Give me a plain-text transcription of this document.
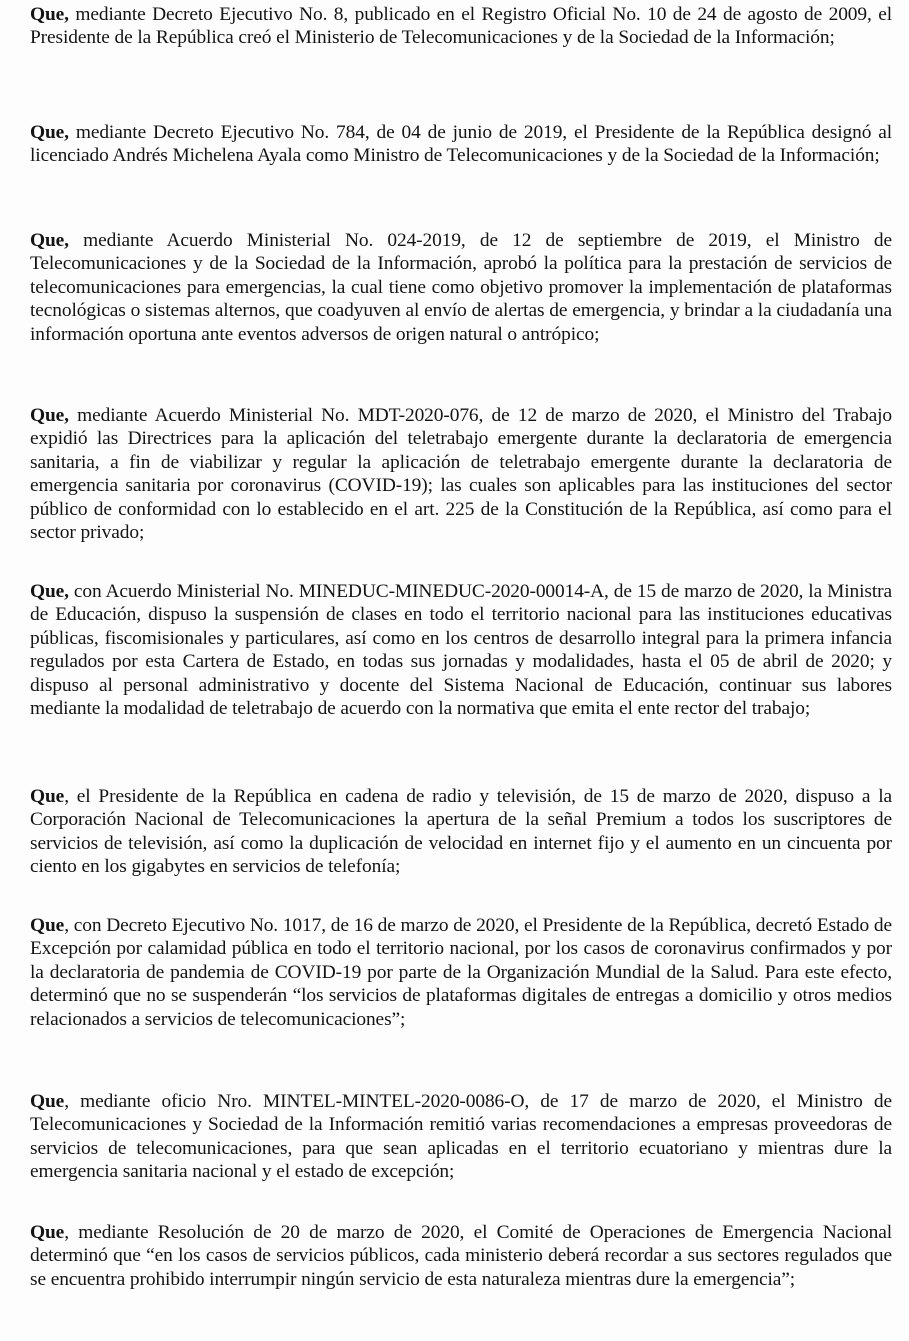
Que, mediante Decreto Ejecutivo No. 8, publicado en el Registro Oficial No. 10 de 24 de agosto de 2009, el Presidente de la República creó el Ministerio de Telecomunicaciones y de la Sociedad de la Información;

Que, mediante Decreto Ejecutivo No. 784, de 04 de junio de 2019, el Presidente de la República designó al licenciado Andrés Michelena Ayala como Ministro de Telecomunicaciones y de la Sociedad de la Información;

Que, mediante Acuerdo Ministerial No. 024-2019, de 12 de septiembre de 2019, el Ministro de Telecomunicaciones y de la Sociedad de la Información, aprobó la política para la prestación de servicios de telecomunicaciones para emergencias, la cual tiene como objetivo promover la implementación de plataformas tecnológicas o sistemas alternos, que coadyuven al envío de alertas de emergencia, y brindar a la ciudadanía una información oportuna ante eventos adversos de origen natural o antrópico;

Que, mediante Acuerdo Ministerial No. MDT-2020-076, de 12 de marzo de 2020, el Ministro del Trabajo expidió las Directrices para la aplicación del teletrabajo emergente durante la declaratoria de emergencia sanitaria, a fin de viabilizar y regular la aplicación de teletrabajo emergente durante la declaratoria de emergencia sanitaria por coronavirus (COVID-19); las cuales son aplicables para las instituciones del sector público de conformidad con lo establecido en el art. 225 de la Constitución de la República, así como para el sector privado;

Que, con Acuerdo Ministerial No. MINEDUC-MINEDUC-2020-00014-A, de 15 de marzo de 2020, la Ministra de Educación, dispuso la suspensión de clases en todo el territorio nacional para las instituciones educativas públicas, fiscomisionales y particulares, así como en los centros de desarrollo integral para la primera infancia regulados por esta Cartera de Estado, en todas sus jornadas y modalidades, hasta el 05 de abril de 2020; y dispuso al personal administrativo y docente del Sistema Nacional de Educación, continuar sus labores mediante la modalidad de teletrabajo de acuerdo con la normativa que emita el ente rector del trabajo;

Que, el Presidente de la República en cadena de radio y televisión, de 15 de marzo de 2020, dispuso a la Corporación Nacional de Telecomunicaciones la apertura de la señal Premium a todos los suscriptores de servicios de televisión, así como la duplicación de velocidad en internet fijo y el aumento en un cincuenta por ciento en los gigabytes en servicios de telefonía;

Que, con Decreto Ejecutivo No. 1017, de 16 de marzo de 2020, el Presidente de la República, decretó Estado de Excepción por calamidad pública en todo el territorio nacional, por los casos de coronavirus confirmados y por la declaratoria de pandemia de COVID-19 por parte de la Organización Mundial de la Salud. Para este efecto, determinó que no se suspenderán “los servicios de plataformas digitales de entregas a domicilio y otros medios relacionados a servicios de telecomunicaciones”;

Que, mediante oficio Nro. MINTEL-MINTEL-2020-0086-O, de 17 de marzo de 2020, el Ministro de Telecomunicaciones y Sociedad de la Información remitió varias recomendaciones a empresas proveedoras de servicios de telecomunicaciones, para que sean aplicadas en el territorio ecuatoriano y mientras dure la emergencia sanitaria nacional y el estado de excepción;

Que, mediante Resolución de 20 de marzo de 2020, el Comité de Operaciones de Emergencia Nacional determinó que “en los casos de servicios públicos, cada ministerio deberá recordar a sus sectores regulados que se encuentra prohibido interrumpir ningún servicio de esta naturaleza mientras dure la emergencia”;
